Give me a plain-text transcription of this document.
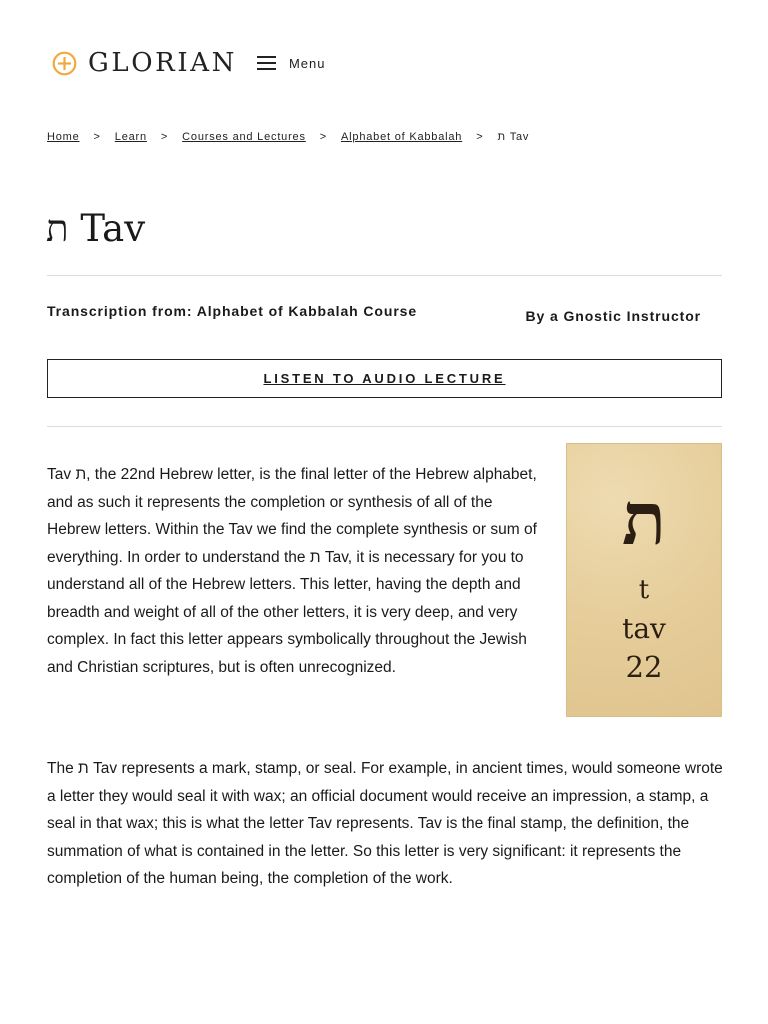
GLORIAN	Menu
Home > Learn > Courses and Lectures > Alphabet of Kabbalah > ת Tav
ת Tav
Transcription from: Alphabet of Kabbalah Course	By a Gnostic Instructor
LISTEN TO AUDIO LECTURE
ת
t
tav
22

Tav ת, the 22nd Hebrew letter, is the final letter of the Hebrew alphabet, and as such it represents the completion or synthesis of all of the Hebrew letters. Within the Tav we find the complete synthesis or sum of everything. In order to understand the ת Tav, it is necessary for you to understand all of the Hebrew letters. This letter, having the depth and breadth and weight of all of the other letters, it is very deep, and very complex. In fact this letter appears symbolically throughout the Jewish and Christian scriptures, but is often unrecognized.

The ת Tav represents a mark, stamp, or seal. For example, in ancient times, would someone wrote a letter they would seal it with wax; an official document would receive an impression, a stamp, a seal in that wax; this is what the letter Tav represents. Tav is the final stamp, the definition, the summation of what is contained in the letter. So this letter is very significant: it represents the completion of the human being, the completion of the work.
